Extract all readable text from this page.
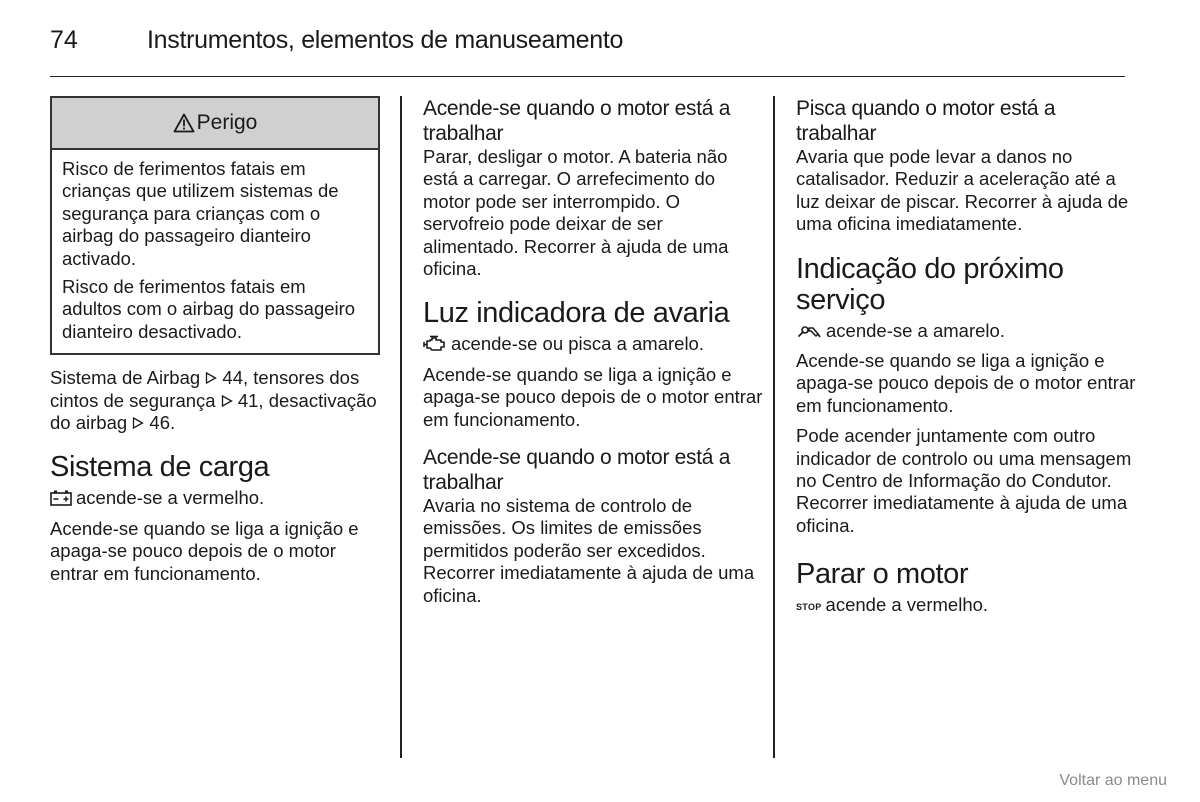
74	Instrumentos, elementos de manuseamento
Perigo

Risco de ferimentos fatais em crianças que utilizem sistemas de segurança para crianças com o airbag do passageiro dianteiro activado.

Risco de ferimentos fatais em adultos com o airbag do passageiro dianteiro desactivado.

Sistema de Airbag  44, tensores dos cintos de segurança  41, desactivação do airbag  46.

Sistema de carga

acende-se a vermelho.

Acende-se quando se liga a ignição e apaga-se pouco depois de o motor entrar em funcionamento.

Acende-se quando o motor está a trabalhar

Parar, desligar o motor. A bateria não está a carregar. O arrefecimento do motor pode ser interrompido. O servofreio pode deixar de ser alimentado. Recorrer à ajuda de uma oficina.

Luz indicadora de avaria

acende-se ou pisca a amarelo.

Acende-se quando se liga a ignição e apaga-se pouco depois de o motor entrar em funcionamento.

Acende-se quando o motor está a trabalhar

Avaria no sistema de controlo de emissões. Os limites de emissões permitidos poderão ser excedidos. Recorrer imediatamente à ajuda de uma oficina.

Pisca quando o motor está a trabalhar

Avaria que pode levar a danos no catalisador. Reduzir a aceleração até a luz deixar de piscar. Recorrer à ajuda de uma oficina imediatamente.

Indicação do próximo serviço

acende-se a amarelo.

Acende-se quando se liga a ignição e apaga-se pouco depois de o motor entrar em funcionamento.

Pode acender juntamente com outro indicador de controlo ou uma mensagem no Centro de Informação do Condutor. Recorrer imediatamente à ajuda de uma oficina.

Parar o motor

STOP acende a vermelho.

Voltar ao menu
